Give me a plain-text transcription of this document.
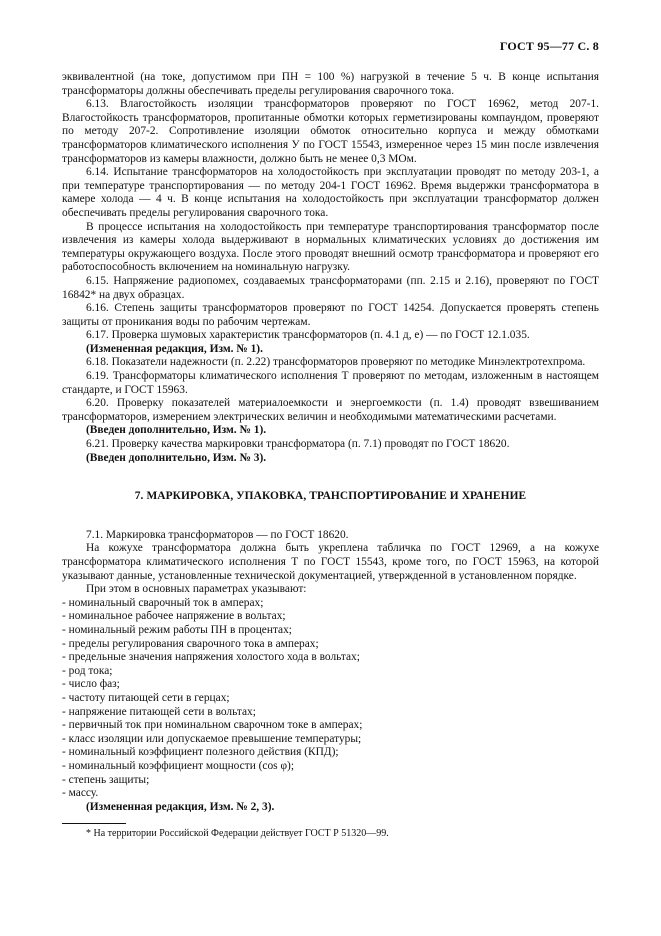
ГОСТ 95—77 С. 8

эквивалентной (на токе, допустимом при ПН = 100 %) нагрузкой в течение 5 ч. В конце испытания трансформаторы должны обеспечивать пределы регулирования сварочного тока.

6.13. Влагостойкость изоляции трансформаторов проверяют по ГОСТ 16962, метод 207-1. Влагостойкость трансформаторов, пропитанные обмотки которых герметизированы компаундом, проверяют по методу 207-2. Сопротивление изоляции обмоток относительно корпуса и между обмотками трансформаторов климатического исполнения У по ГОСТ 15543, измеренное через 15 мин после извлечения трансформаторов из камеры влажности, должно быть не менее 0,3 МОм.

6.14. Испытание трансформаторов на холодостойкость при эксплуатации проводят по методу 203-1, а при температуре транспортирования — по методу 204-1 ГОСТ 16962. Время выдержки трансформатора в камере холода — 4 ч. В конце испытания на холодостойкость при эксплуатации трансформатор должен обеспечивать пределы регулирования сварочного тока.

В процессе испытания на холодостойкость при температуре транспортирования трансформатор после извлечения из камеры холода выдерживают в нормальных климатических условиях до достижения им температуры окружающего воздуха. После этого проводят внешний осмотр трансформатора и проверяют его работоспособность включением на номинальную нагрузку.

6.15. Напряжение радиопомех, создаваемых трансформаторами (пп. 2.15 и 2.16), проверяют по ГОСТ 16842* на двух образцах.

6.16. Степень защиты трансформаторов проверяют по ГОСТ 14254. Допускается проверять степень защиты от проникания воды по рабочим чертежам.

6.17. Проверка шумовых характеристик трансформаторов (п. 4.1 д, е) — по ГОСТ 12.1.035.

(Измененная редакция, Изм. № 1).

6.18. Показатели надежности (п. 2.22) трансформаторов проверяют по методике Минэлектротехпрома.

6.19. Трансформаторы климатического исполнения Т проверяют по методам, изложенным в настоящем стандарте, и ГОСТ 15963.

6.20. Проверку показателей материалоемкости и энергоемкости (п. 1.4) проводят взвешиванием трансформаторов, измерением электрических величин и необходимыми математическими расчетами.

(Введен дополнительно, Изм. № 1).

6.21. Проверку качества маркировки трансформатора (п. 7.1) проводят по ГОСТ 18620.

(Введен дополнительно, Изм. № 3).

7. МАРКИРОВКА, УПАКОВКА, ТРАНСПОРТИРОВАНИЕ И ХРАНЕНИЕ

7.1. Маркировка трансформаторов — по ГОСТ 18620.

На кожухе трансформатора должна быть укреплена табличка по ГОСТ 12969, а на кожухе трансформатора климатического исполнения Т по ГОСТ 15543, кроме того, по ГОСТ 15963, на которой указывают данные, установленные технической документацией, утвержденной в установленном порядке.

При этом в основных параметрах указывают:

- номинальный сварочный ток в амперах;
- номинальное рабочее напряжение в вольтах;
- номинальный режим работы ПН в процентах;
- пределы регулирования сварочного тока в амперах;
- предельные значения напряжения холостого хода в вольтах;
- род тока;
- число фаз;
- частоту питающей сети в герцах;
- напряжение питающей сети в вольтах;
- первичный ток при номинальном сварочном токе в амперах;
- класс изоляции или допускаемое превышение температуры;
- номинальный коэффициент полезного действия (КПД);
- номинальный коэффициент мощности (cos φ);
- степень защиты;
- массу.

(Измененная редакция, Изм. № 2, 3).

* На территории Российской Федерации действует ГОСТ Р 51320—99.
